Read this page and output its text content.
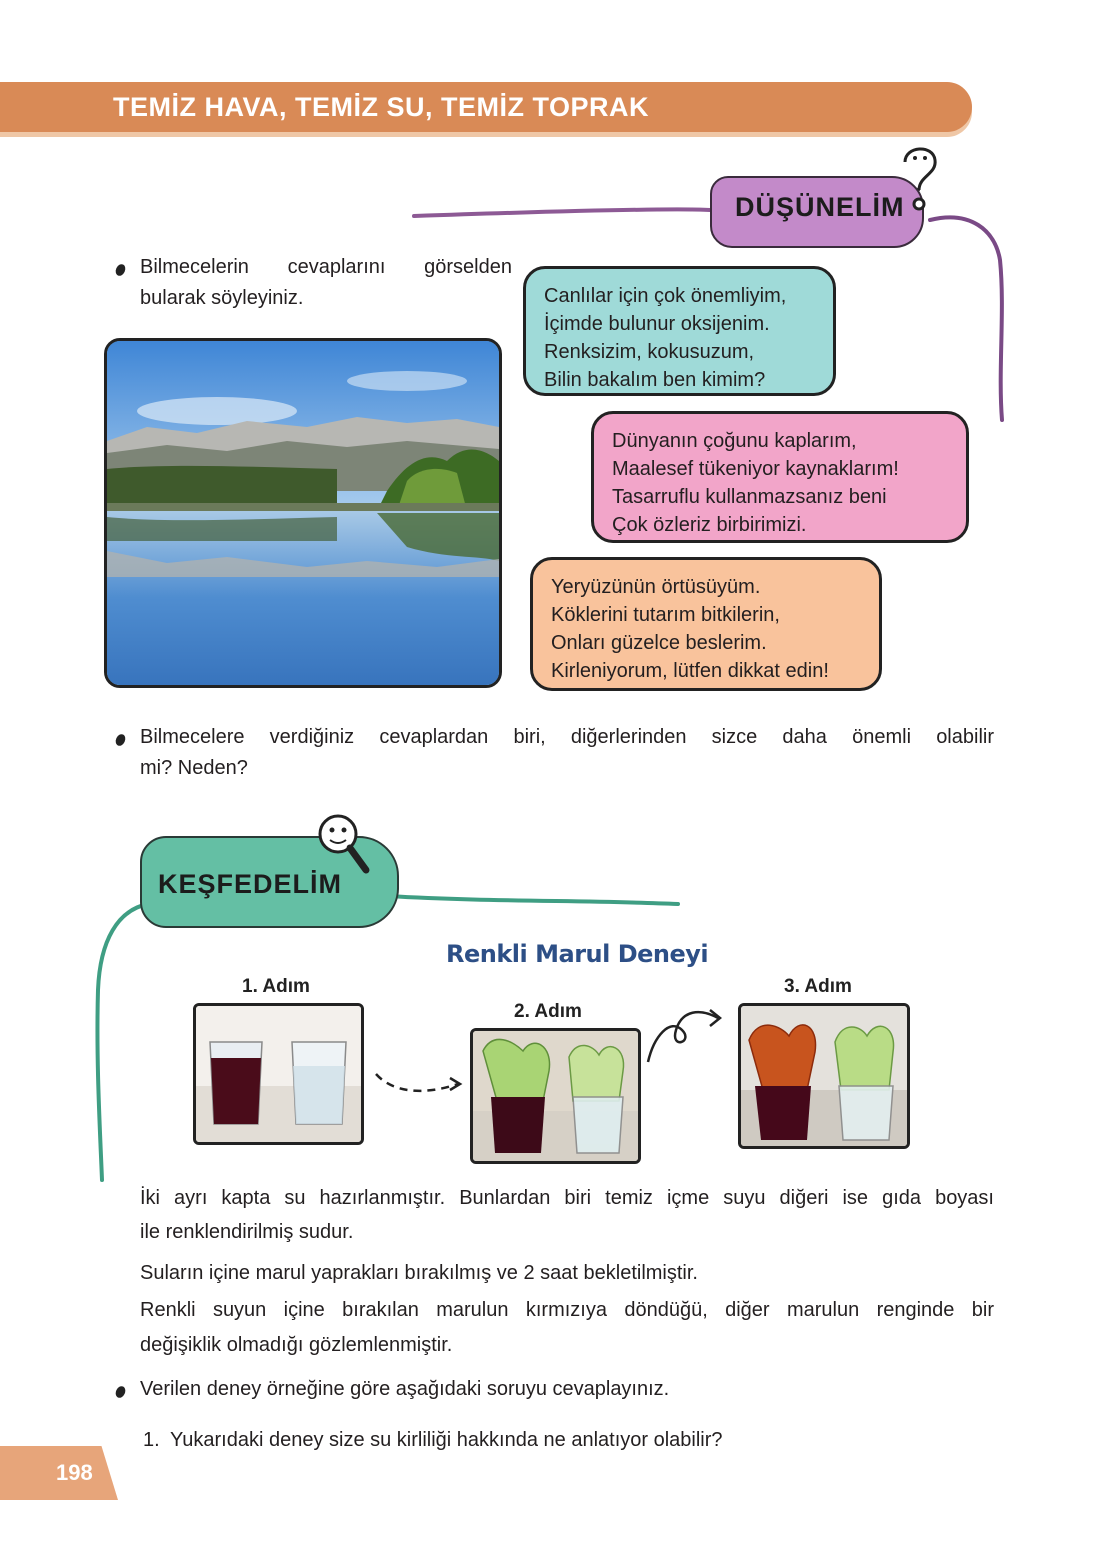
TEMİZ HAVA, TEMİZ SU, TEMİZ TOPRAK
DÜŞÜNELİM
Bilmecelerin cevaplarını görselden
bularak söyleyiniz.	Canlılar için çok önemliyim,
İçimde bulunur oksijenim.
Renksizim, kokusuzum,
Bilin bakalım ben kimim?
Dünyanın çoğunu kaplarım,
Maalesef tükeniyor kaynaklarım!
Tasarruflu kullanmazsanız beni
Çok özleriz birbirimizi.
Yeryüzünün örtüsüyüm.
Köklerini tutarım bitkilerin,
Onları güzelce beslerim.
Kirleniyorum, lütfen dikkat edin!
Bilmecelere verdiğiniz cevaplardan biri, diğerlerinden sizce daha önemli olabilir
mi? Neden?
KEŞFEDELİM
Renkli Marul Deneyi
1. Adım
2. Adım
3. Adım
İki ayrı kapta su hazırlanmıştır. Bunlardan biri temiz içme suyu diğeri ise gıda boyası
ile renklendirilmiş sudur.
Suların içine marul yaprakları bırakılmış ve 2 saat bekletilmiştir.
Renkli suyun içine bırakılan marulun kırmızıya döndüğü, diğer marulun renginde bir
değişiklik olmadığı gözlemlenmiştir.
Verilen deney örneğine göre aşağıdaki soruyu cevaplayınız.
1. Yukarıdaki deney size su kirliliği hakkında ne anlatıyor olabilir?
198
